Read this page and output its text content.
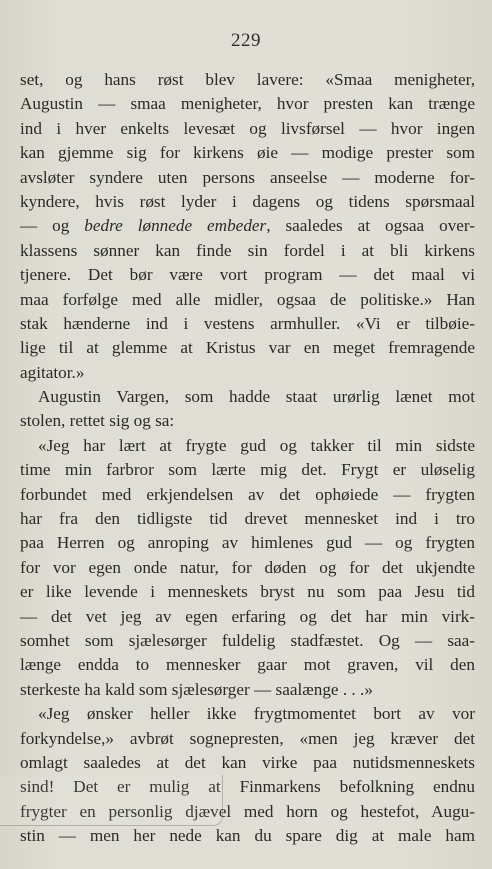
229
set, og hans røst blev lavere: «Smaa menigheter,
Augustin — smaa menigheter, hvor presten kan trænge
ind i hver enkelts levesæt og livsførsel — hvor ingen
kan gjemme sig for kirkens øie — modige prester som
avsløter syndere uten persons anseelse — moderne for-
kyndere, hvis røst lyder i dagens og tidens spørsmaal
— og bedre lønnede embeder, saaledes at ogsaa over-
klassens sønner kan finde sin fordel i at bli kirkens
tjenere. Det bør være vort program — det maal vi
maa forfølge med alle midler, ogsaa de politiske.» Han
stak hænderne ind i vestens armhuller. «Vi er tilbøie-
lige til at glemme at Kristus var en meget fremragende
agitator.»
Augustin Vargen, som hadde staat urørlig lænet mot
stolen, rettet sig og sa:
«Jeg har lært at frygte gud og takker til min sidste
time min farbror som lærte mig det. Frygt er uløselig
forbundet med erkjendelsen av det ophøiede — frygten
har fra den tidligste tid drevet mennesket ind i tro
paa Herren og anroping av himlenes gud — og frygten
for vor egen onde natur, for døden og for det ukjendte
er like levende i menneskets bryst nu som paa Jesu tid
— det vet jeg av egen erfaring og det har min virk-
somhet som sjælesørger fuldelig stadfæstet. Og — saa-
længe endda to mennesker gaar mot graven, vil den
sterkeste ha kald som sjælesørger — saalænge . . .»
«Jeg ønsker heller ikke frygtmomentet bort av vor
forkyndelse,» avbrøt sognepresten, «men jeg kræver det
omlagt saaledes at det kan virke paa nutidsmenneskets
sind! Det er mulig at Finmarkens befolkning endnu
frygter en personlig djævel med horn og hestefot, Augu-
stin — men her nede kan du spare dig at male ham
